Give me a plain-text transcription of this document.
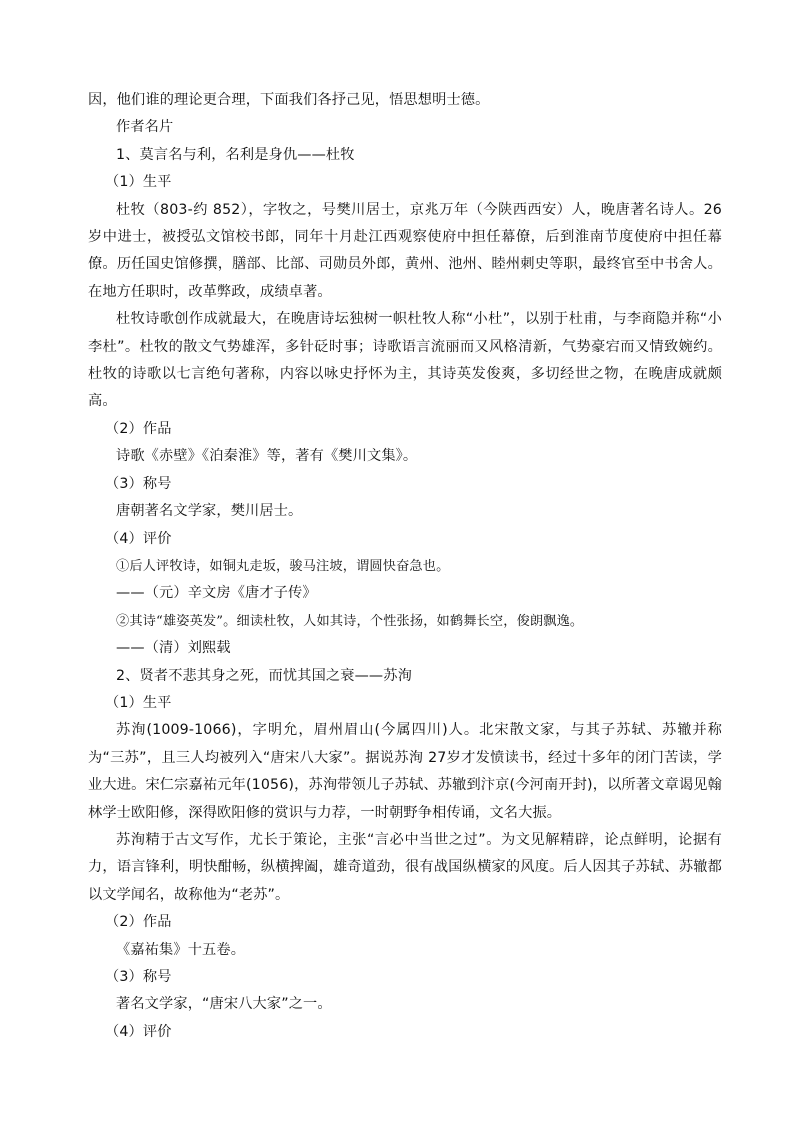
因，他们谁的理论更合理，下面我们各抒己见，悟思想明士德。
作者名片
1、莫言名与利，名利是身仇——杜牧
（1）生平
杜牧（803-约 852），字牧之，号樊川居士，京兆万年（今陕西西安）人，晚唐著名诗人。26 岁中进士，被授弘文馆校书郎，同年十月赴江西观察使府中担任幕僚，后到淮南节度使府中担任幕僚。历任国史馆修撰，膳部、比部、司勋员外郎，黄州、池州、睦州刺史等职，最终官至中书舍人。在地方任职时，改革弊政，成绩卓著。
杜牧诗歌创作成就最大，在晚唐诗坛独树一帜杜牧人称“小杜”，以别于杜甫，与李商隐并称“小李杜”。杜牧的散文气势雄浑，多针砭时事；诗歌语言流丽而又风格清新，气势豪宕而又情致婉约。杜牧的诗歌以七言绝句著称，内容以咏史抒怀为主，其诗英发俊爽，多切经世之物，在晚唐成就颇高。
（2）作品
诗歌《赤壁》《泊秦淮》等，著有《樊川文集》。
（3）称号
唐朝著名文学家，樊川居士。
（4）评价
①后人评牧诗，如铜丸走坂，骏马注坡，谓圆快奋急也。
——（元）辛文房《唐才子传》
②其诗“雄姿英发”。细读杜牧，人如其诗，个性张扬，如鹤舞长空，俊朗飘逸。
——（清）刘熙载
2、贤者不悲其身之死，而忧其国之衰——苏洵
（1）生平
苏洵(1009-1066)，字明允，眉州眉山(今属四川)人。北宋散文家，与其子苏轼、苏辙并称为“三苏”，且三人均被列入“唐宋八大家”。据说苏洵 27岁才发愤读书，经过十多年的闭门苦读，学业大进。宋仁宗嘉祐元年(1056)，苏洵带领儿子苏轼、苏辙到汴京(今河南开封)，以所著文章谒见翰林学士欧阳修，深得欧阳修的赏识与力荐，一时朝野争相传诵，文名大振。
苏洵精于古文写作，尤长于策论，主张“言必中当世之过”。为文见解精辟，论点鲜明，论据有力，语言锋利，明快酣畅，纵横捭阖，雄奇道劲，很有战国纵横家的风度。后人因其子苏轼、苏辙都以文学闻名，故称他为“老苏”。
（2）作品
《嘉祐集》十五卷。
（3）称号
著名文学家，“唐宋八大家”之一。
（4）评价
